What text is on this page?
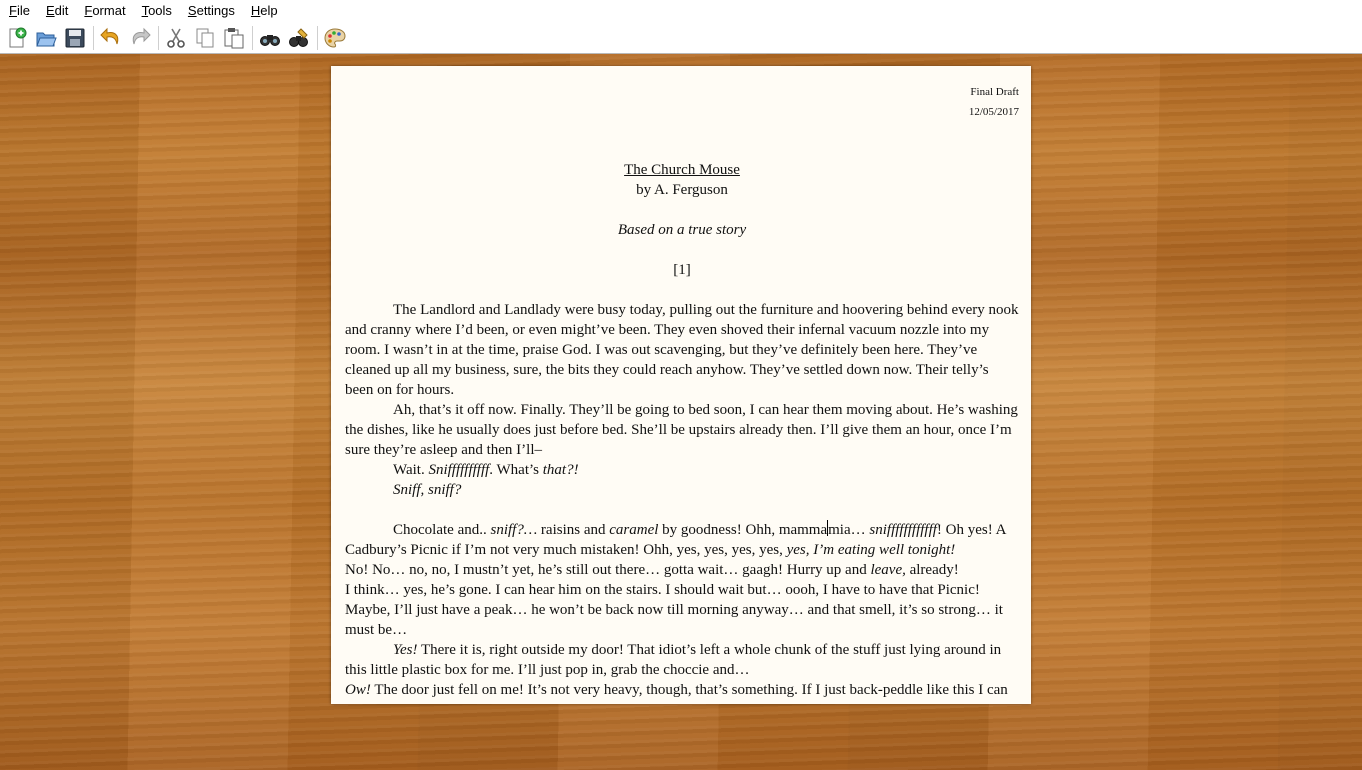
File	Edit	Format	Tools	Settings	Help
Final Draft
12/05/2017
The Church Mouse
by A. Ferguson
Based on a true story
[1]

The Landlord and Landlady were busy today, pulling out the furniture and hoovering behind every nook and cranny where I’d been, or even might’ve been. They even shoved their infernal vacuum nozzle into my room. I wasn’t in at the time, praise God. I was out scavenging, but they’ve definitely been here. They’ve cleaned up all my business, sure, the bits they could reach anyhow. They’ve settled down now. Their telly’s been on for hours.

Ah, that’s it off now. Finally. They’ll be going to bed soon, I can hear them moving about. He’s washing the dishes, like he usually does just before bed. She’ll be upstairs already then. I’ll give them an hour, once I’m sure they’re asleep and then I’ll–

Wait. Sniffffffffff. What’s that?!

Sniff, sniff?

Chocolate and.. sniff?… raisins and caramel by goodness! Ohh, mammamia… sniffffffffffff! Oh yes! A Cadbury’s Picnic if I’m not very much mistaken! Ohh, yes, yes, yes, yes, yes, I’m eating well tonight!

No! No… no, no, I mustn’t yet, he’s still out there… gotta wait… gaagh! Hurry up and leave, already!

I think… yes, he’s gone. I can hear him on the stairs. I should wait but… oooh, I have to have that Picnic! Maybe, I’ll just have a peak… he won’t be back now till morning anyway… and that smell, it’s so strong… it must be…

Yes! There it is, right outside my door! That idiot’s left a whole chunk of the stuff just lying around in this little plastic box for me. I’ll just pop in, grab the choccie and…

Ow! The door just fell on me! It’s not very heavy, though, that’s something. If I just back-peddle like this I can
